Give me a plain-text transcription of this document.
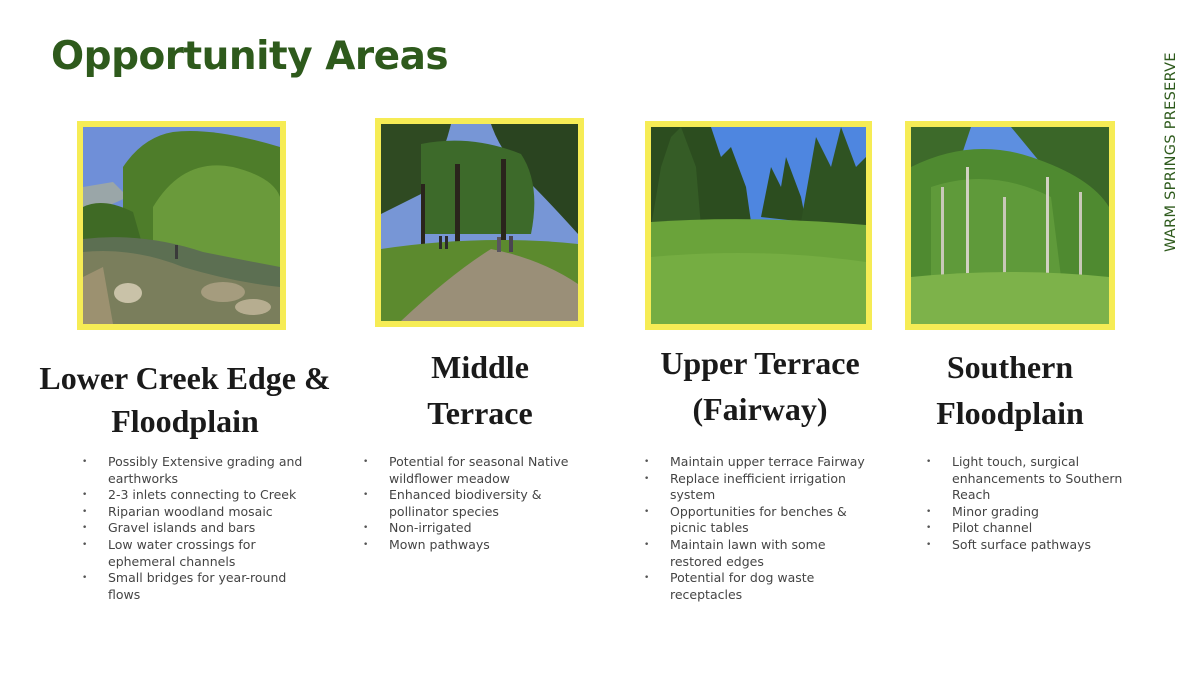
Opportunity Areas	WARM SPRINGS PRESERVE
Lower Creek Edge &
Floodplain
• Possibly Extensive grading and
earthworks
• 2-3 inlets connecting to Creek
• Riparian woodland mosaic
• Gravel islands and bars
• Low water crossings for
ephemeral channels
• Small bridges for year-round
flows
Middle
Terrace
• Potential for seasonal Native
wildflower meadow
• Enhanced biodiversity &
pollinator species
• Non-irrigated
• Mown pathways
Upper Terrace
(Fairway)
• Maintain upper terrace Fairway
• Replace inefficient irrigation
system
• Opportunities for benches &
picnic tables
• Maintain lawn with some
restored edges
• Potential for dog waste
receptacles
Southern
Floodplain
• Light touch, surgical
enhancements to Southern
Reach
• Minor grading
• Pilot channel
• Soft surface pathways
